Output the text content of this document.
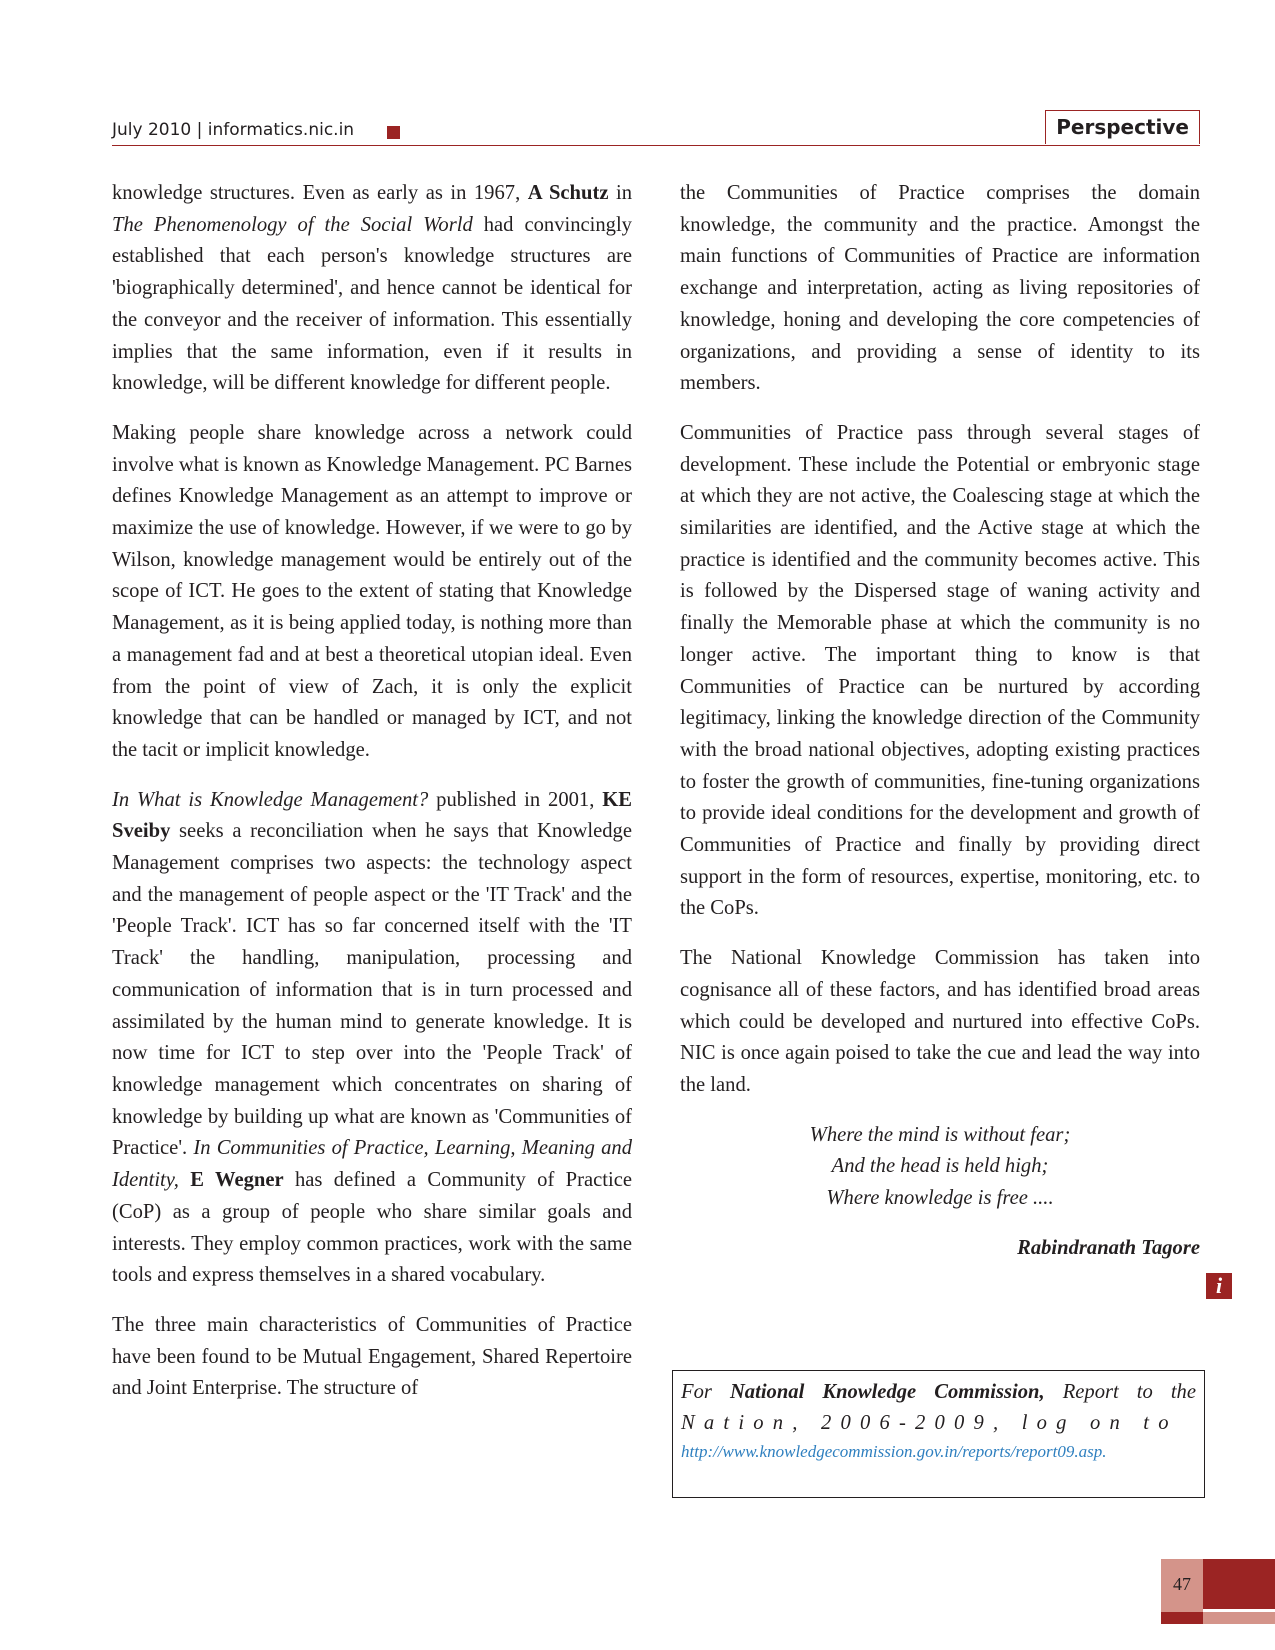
July 2010 | informatics.nic.in	Perspective

knowledge structures. Even as early as in 1967, A Schutz in The Phenomenology of the Social World had convincingly established that each person's knowledge structures are 'biographically determined', and hence cannot be identical for the conveyor and the receiver of information. This essentially implies that the same information, even if it results in knowledge, will be different knowledge for different people.

Making people share knowledge across a network could involve what is known as Knowledge Management. PC Barnes defines Knowledge Management as an attempt to improve or maximize the use of knowledge. However, if we were to go by Wilson, knowledge management would be entirely out of the scope of ICT. He goes to the extent of stating that Knowledge Management, as it is being applied today, is nothing more than a management fad and at best a theoretical utopian ideal. Even from the point of view of Zach, it is only the explicit knowledge that can be handled or managed by ICT, and not the tacit or implicit knowledge.

In What is Knowledge Management? published in 2001, KE Sveiby seeks a reconciliation when he says that Knowledge Management comprises two aspects: the technology aspect and the management of people aspect or the 'IT Track' and the 'People Track'. ICT has so far concerned itself with the 'IT Track' the handling, manipulation, processing and communication of information that is in turn processed and assimilated by the human mind to generate knowledge. It is now time for ICT to step over into the 'People Track' of knowledge management which concentrates on sharing of knowledge by building up what are known as 'Communities of Practice'. In Communities of Practice, Learning, Meaning and Identity, E Wegner has defined a Community of Practice (CoP) as a group of people who share similar goals and interests. They employ common practices, work with the same tools and express themselves in a shared vocabulary.

The three main characteristics of Communities of Practice have been found to be Mutual Engagement, Shared Repertoire and Joint Enterprise. The structure of

the Communities of Practice comprises the domain knowledge, the community and the practice. Amongst the main functions of Communities of Practice are information exchange and interpretation, acting as living repositories of knowledge, honing and developing the core competencies of organizations, and providing a sense of identity to its members.

Communities of Practice pass through several stages of development. These include the Potential or embryonic stage at which they are not active, the Coalescing stage at which the similarities are identified, and the Active stage at which the practice is identified and the community becomes active. This is followed by the Dispersed stage of waning activity and finally the Memorable phase at which the community is no longer active. The important thing to know is that Communities of Practice can be nurtured by according legitimacy, linking the knowledge direction of the Community with the broad national objectives, adopting existing practices to foster the growth of communities, fine-tuning organizations to provide ideal conditions for the development and growth of Communities of Practice and finally by providing direct support in the form of resources, expertise, monitoring, etc. to the CoPs.

The National Knowledge Commission has taken into cognisance all of these factors, and has identified broad areas which could be developed and nurtured into effective CoPs. NIC is once again poised to take the cue and lead the way into the land.

Where the mind is without fear;
And the head is held high;
Where knowledge is free ....
Rabindranath Tagore
i
For National Knowledge Commission, Report to the
Nation, 2006-2009, log on to
http://www.knowledgecommission.gov.in/reports/report09.asp.
47
